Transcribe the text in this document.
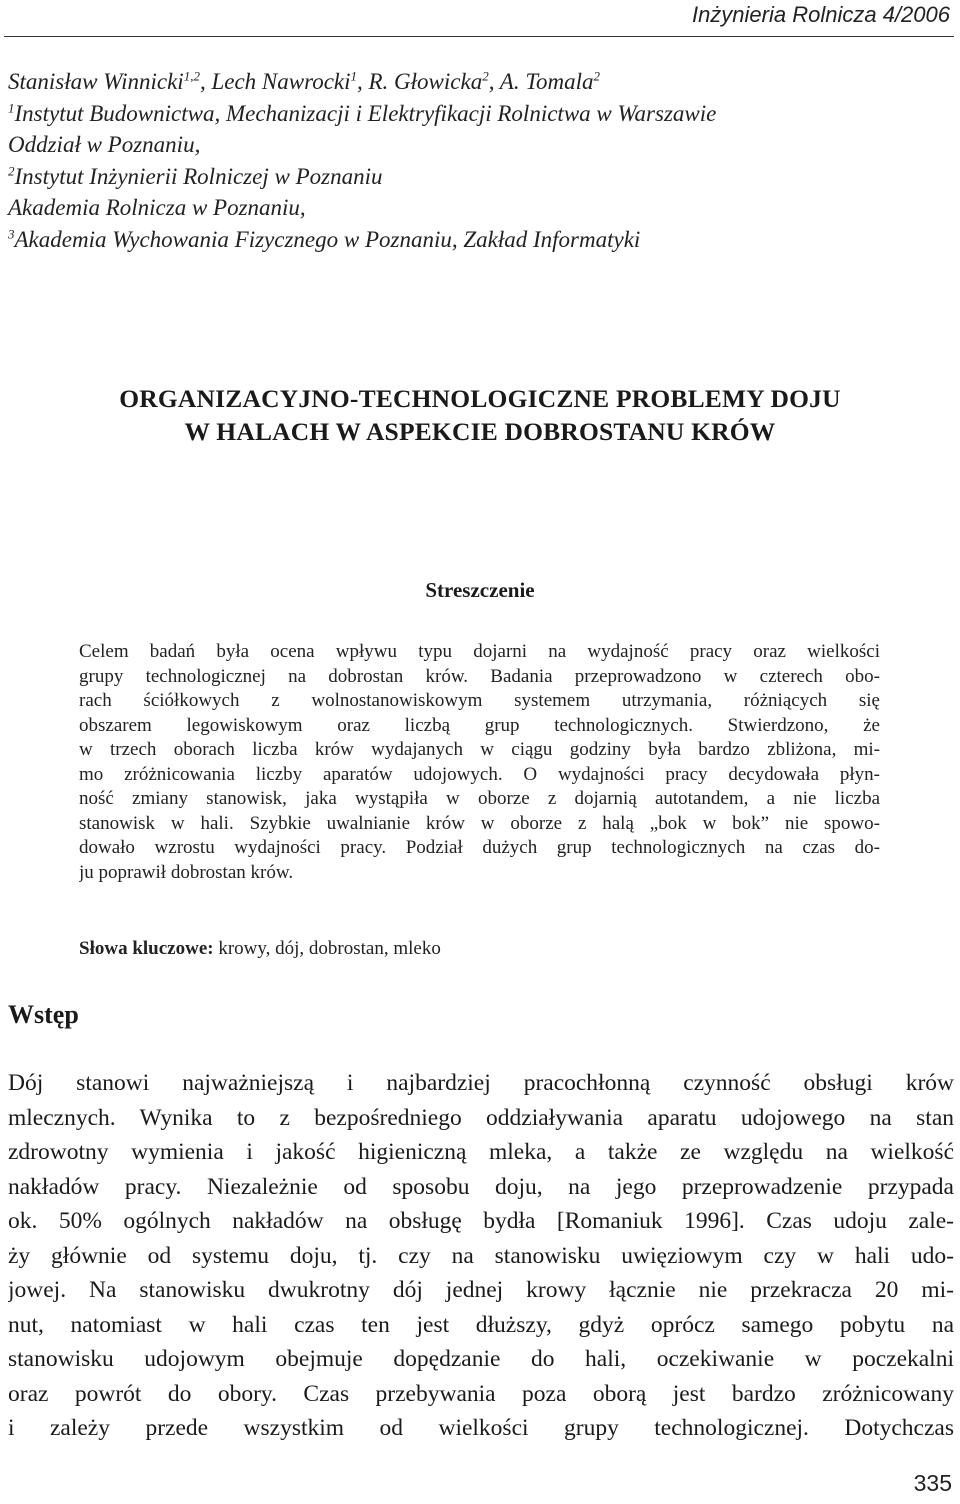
Inżynieria Rolnicza 4/2006
Stanisław Winnicki$^{1,2}$, Lech Nawrocki$^1$, R. Głowicka$^2$, A. Tomala$^2$
$^1$Instytut Budownictwa, Mechanizacji i Elektryfikacji Rolnictwa w Warszawie
Oddział w Poznaniu,
$^2$Instytut Inżynierii Rolniczej w Poznaniu
Akademia Rolnicza w Poznaniu,
$^3$Akademia Wychowania Fizycznego w Poznaniu, Zakład Informatyki
ORGANIZACYJNO-TECHNOLOGICZNE PROBLEMY DOJU
W HALACH W ASPEKCIE DOBROSTANU KRÓW
Streszczenie
Celem badań była ocena wpływu typu dojarni na wydajność pracy oraz wielkości
grupy technologicznej na dobrostan krów. Badania przeprowadzono w czterech obo-
rach ściółkowych z wolnostanowiskowym systemem utrzymania, różniących się
obszarem legowiskowym oraz liczbą grup technologicznych. Stwierdzono, że
w trzech oborach liczba krów wydajanych w ciągu godziny była bardzo zbliżona, mi-
mo zróżnicowania liczby aparatów udojowych. O wydajności pracy decydowała płyn-
ność zmiany stanowisk, jaka wystąpiła w oborze z dojarnią autotandem, a nie liczba
stanowisk w hali. Szybkie uwalnianie krów w oborze z halą „bok w bok” nie spowo-
dowało wzrostu wydajności pracy. Podział dużych grup technologicznych na czas do-
ju poprawił dobrostan krów.
Słowa kluczowe: krowy, dój, dobrostan, mleko
Wstęp
Dój stanowi najważniejszą i najbardziej pracochłonną czynność obsługi krów
mlecznych. Wynika to z bezpośredniego oddziaływania aparatu udojowego na stan
zdrowotny wymienia i jakość higieniczną mleka, a także ze względu na wielkość
nakładów pracy. Niezależnie od sposobu doju, na jego przeprowadzenie przypada
ok. 50% ogólnych nakładów na obsługę bydła [Romaniuk 1996]. Czas udoju zale-
ży głównie od systemu doju, tj. czy na stanowisku uwięziowym czy w hali udo-
jowej. Na stanowisku dwukrotny dój jednej krowy łącznie nie przekracza 20 mi-
nut, natomiast w hali czas ten jest dłuższy, gdyż oprócz samego pobytu na
stanowisku udojowym obejmuje dopędzanie do hali, oczekiwanie w poczekalni
oraz powrót do obory. Czas przebywania poza oborą jest bardzo zróżnicowany
i zależy przede wszystkim od wielkości grupy technologicznej. Dotychczas
335
